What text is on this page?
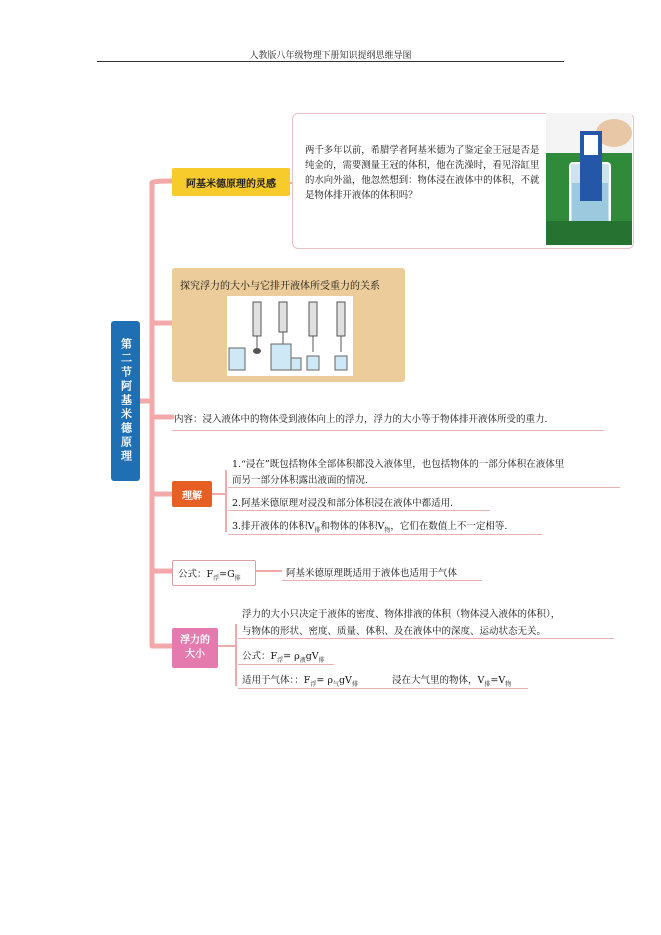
人教版八年级物理下册知识提纲思维导图
第二节阿基米德原理
阿基米德原理的灵感
两千多年以前，希腊学者阿基米德为了鉴定金王冠是否是纯金的，需要测量王冠的体积，他在洗澡时，看见浴缸里的水向外溢，他忽然想到：物体浸在液体中的体积，不就是物体排开液体的体积吗？
探究浮力的大小与它排开液体所受重力的关系
内容：浸入液体中的物体受到液体向上的浮力，浮力的大小等于物体排开液体所受的重力.
理解
1.“浸在”既包括物体全部体积都没入液体里，也包括物体的一部分体积在液体里
而另一部分体积露出液面的情况.
2.阿基米德原理对浸没和部分体积浸在液体中都适用.
3.排开液体的体积$V_排$和物体的体积$V_物$，它们在数值上不一定相等.
公式：$F_浮=G_排$	阿基米德原理既适用于液体也适用于气体
浮力的大小
浮力的大小只决定于液体的密度、物体排液的体积（物体浸入液体的体积），
与物体的形状、密度、质量、体积、及在液体中的深度、运动状态无关。
公式：$F_浮= \rho_液gV_排$
适用于气体：：$F_浮= \rho_气gV_排$	浸在大气里的物体，$V_排=V_物$
